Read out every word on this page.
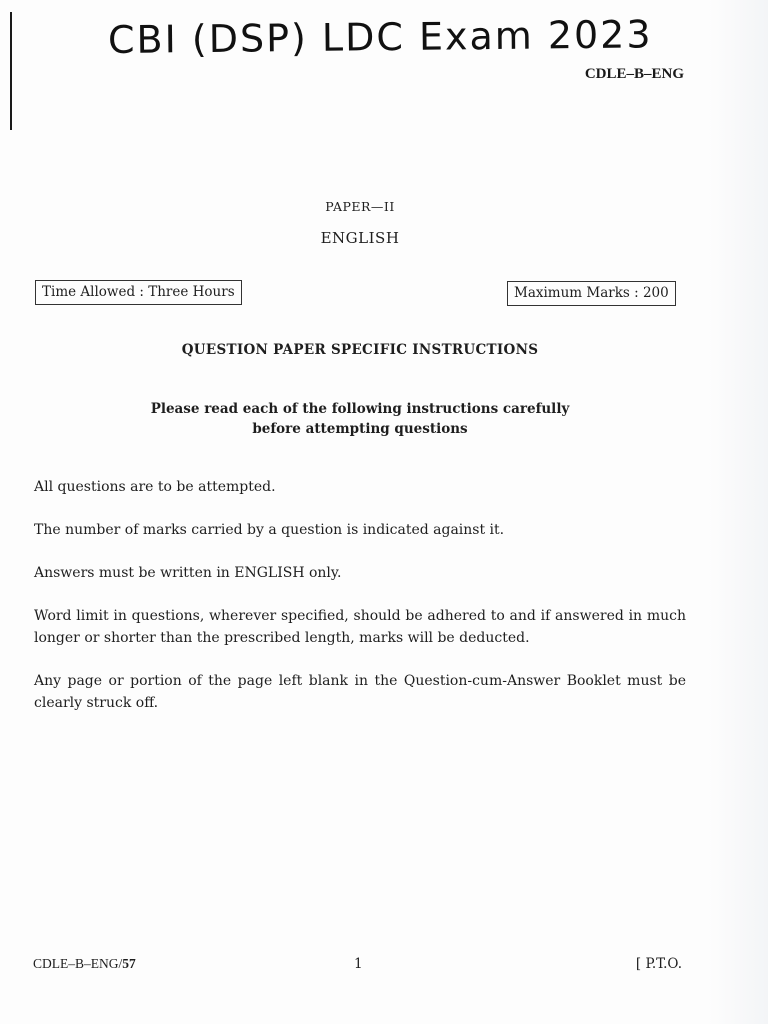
CBI (DSP) LDC Exam 2023
CDLE–B–ENG
PAPER—II
ENGLISH
Time Allowed : Three Hours	Maximum Marks : 200
QUESTION PAPER SPECIFIC INSTRUCTIONS
Please read each of the following instructions carefully
before attempting questions

All questions are to be attempted.

The number of marks carried by a question is indicated against it.

Answers must be written in ENGLISH only.

Word limit in questions, wherever specified, should be adhered to and if answered in much longer or shorter than the prescribed length, marks will be deducted.

Any page or portion of the page left blank in the Question-cum-Answer Booklet must be clearly struck off.

CDLE–B–ENG/57	1	[ P.T.O.
